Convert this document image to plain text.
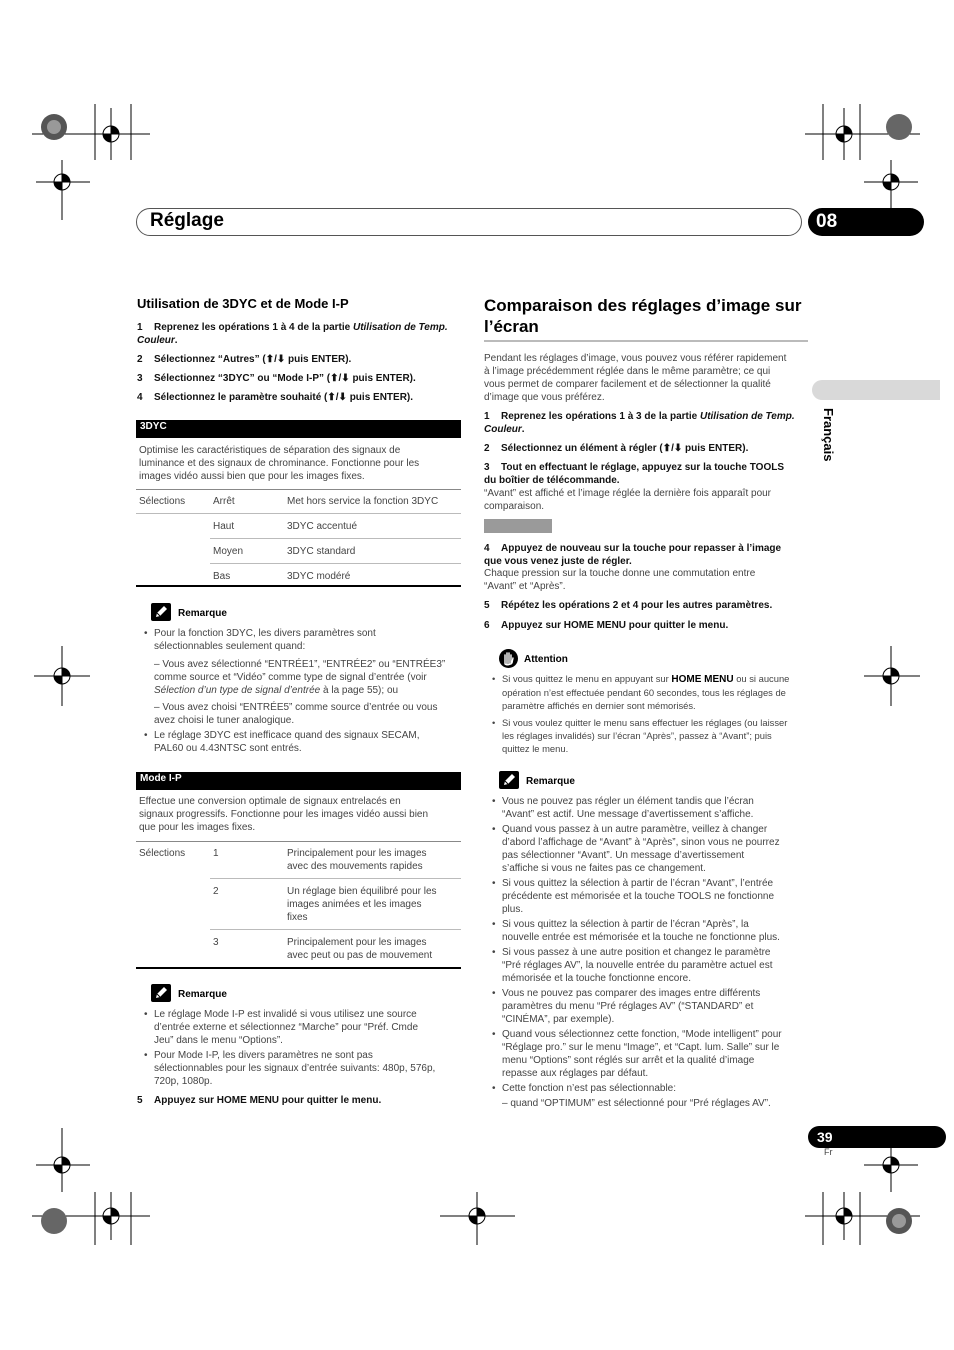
Réglage	08
Français
Utilisation de 3DYC et de Mode I-P
1 Reprenez les opérations 1 à 4 de la partie Utilisation de Temp.
Couleur.
2 Sélectionnez “Autres” (⬆/⬇ puis ENTER).
3 Sélectionnez “3DYC” ou “Mode I-P” (⬆/⬇ puis ENTER).
4 Sélectionnez le paramètre souhaité (⬆/⬇ puis ENTER).
3DYC
Optimise les caractéristiques de séparation des signaux de
luminance et des signaux de chrominance. Fonctionne pour les
images vidéo aussi bien que pour les images fixes.
Sélections	Arrêt	Met hors service la fonction 3DYC
	Haut	3DYC accentué
	Moyen	3DYC standard
	Bas	3DYC modéré
Remarque
• Pour la fonction 3DYC, les divers paramètres sont
sélectionnables seulement quand:
– Vous avez sélectionné “ENTRÉE1”, “ENTRÉE2” ou “ENTRÉE3”
comme source et “Vidéo” comme type de signal d’entrée (voir
Sélection d’un type de signal d’entrée à la page 55); ou
– Vous avez choisi “ENTRÉE5” comme source d’entrée ou vous
avez choisi le tuner analogique.
• Le réglage 3DYC est inefficace quand des signaux SECAM,
PAL60 ou 4.43NTSC sont entrés.
Mode I-P
Effectue une conversion optimale de signaux entrelacés en
signaux progressifs. Fonctionne pour les images vidéo aussi bien
que pour les images fixes.
Sélections	1	Principalement pour les images
avec des mouvements rapides
	2	Un réglage bien équilibré pour les
images animées et les images
fixes
	3	Principalement pour les images
avec peut ou pas de mouvement
Remarque
• Le réglage Mode I-P est invalidé si vous utilisez une source
d’entrée externe et sélectionnez “Marche” pour “Préf. Cmde
Jeu” dans le menu “Options”.
• Pour Mode I-P, les divers paramètres ne sont pas
sélectionnables pour les signaux d’entrée suivants: 480p, 576p,
720p, 1080p.
5 Appuyez sur HOME MENU pour quitter le menu.
Comparaison des réglages d’image sur
l’écran
Pendant les réglages d’image, vous pouvez vous référer rapidement
à l’image précédemment réglée dans le même paramètre; ce qui
vous permet de comparer facilement et de sélectionner la qualité
d’image que vous préférez.
1 Reprenez les opérations 1 à 3 de la partie Utilisation de Temp.
Couleur.
2 Sélectionnez un élément à régler (⬆/⬇ puis ENTER).
3 Tout en effectuant le réglage, appuyez sur la touche TOOLS
du boîtier de télécommande.
“Avant” est affiché et l’image réglée la dernière fois apparaît pour
comparaison.
4 Appuyez de nouveau sur la touche pour repasser à l’image
que vous venez juste de régler.
Chaque pression sur la touche donne une commutation entre
“Avant” et “Après”.
5 Répétez les opérations 2 et 4 pour les autres paramètres.
6 Appuyez sur HOME MENU pour quitter le menu.
Attention
• Si vous quittez le menu en appuyant sur HOME MENU ou si aucune
opération n’est effectuée pendant 60 secondes, tous les réglages de
paramètre affichés en dernier sont mémorisés.
• Si vous voulez quitter le menu sans effectuer les réglages (ou laisser
les réglages invalidés) sur l’écran “Après”, passez à “Avant”; puis
quittez le menu.
Remarque
• Vous ne pouvez pas régler un élément tandis que l’écran
“Avant” est actif. Une message d’avertissement s’affiche.
• Quand vous passez à un autre paramètre, veillez à changer
d’abord l’affichage de “Avant” à “Après”, sinon vous ne pourrez
pas sélectionner “Avant”. Un message d’avertissement
s’affiche si vous ne faites pas ce changement.
• Si vous quittez la sélection à partir de l’écran “Avant”, l’entrée
précédente est mémorisée et la touche TOOLS ne fonctionne
plus.
• Si vous quittez la sélection à partir de l’écran “Après”, la
nouvelle entrée est mémorisée et la touche ne fonctionne plus.
• Si vous passez à une autre position et changez le paramètre
“Pré réglages AV”, la nouvelle entrée du paramètre actuel est
mémorisée et la touche fonctionne encore.
• Vous ne pouvez pas comparer des images entre différents
paramètres du menu “Pré réglages AV” (“STANDARD” et
“CINÉMA”, par exemple).
• Quand vous sélectionnez cette fonction, “Mode intelligent” pour
“Réglage pro.” sur le menu “Image”, et “Capt. lum. Salle” sur le
menu “Options” sont réglés sur arrêt et la qualité d’image
repasse aux réglages par défaut.
• Cette fonction n’est pas sélectionnable:
– quand “OPTIMUM” est sélectionné pour “Pré réglages AV”.
39
Fr
